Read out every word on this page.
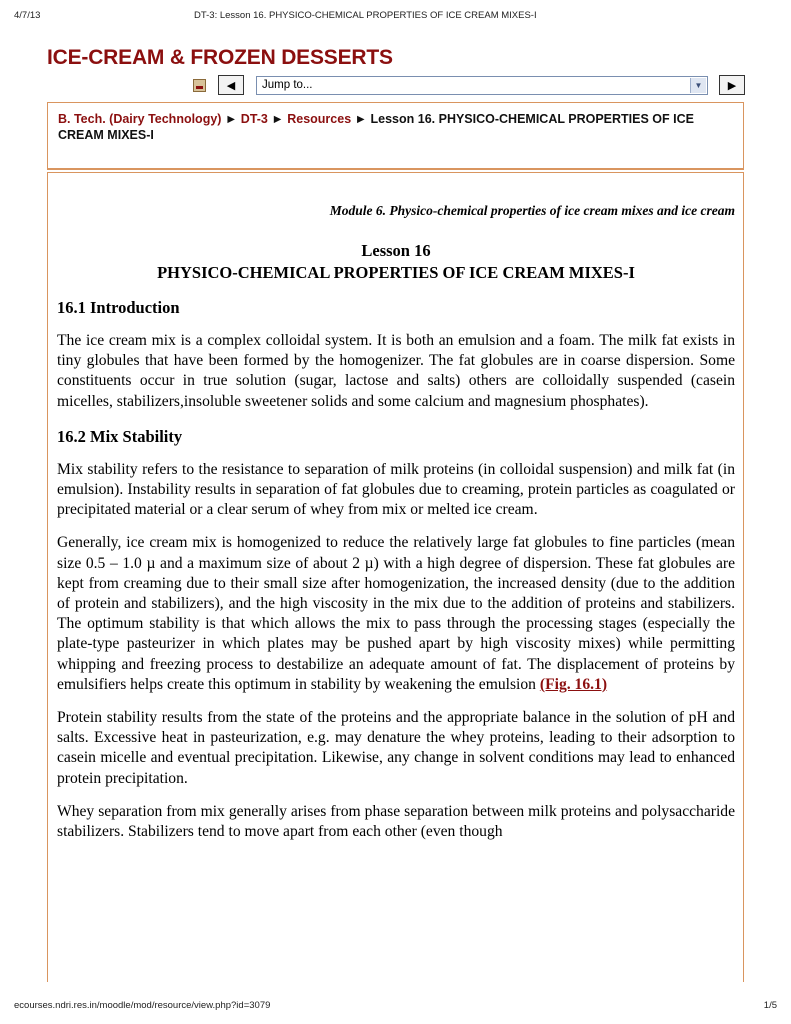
4/7/13	DT-3: Lesson 16. PHYSICO-CHEMICAL PROPERTIES OF ICE CREAM MIXES-I
ICE-CREAM & FROZEN DESSERTS
◀	Jump to...	▼	▶
B. Tech. (Dairy Technology) ► DT-3 ► Resources ► Lesson 16. PHYSICO-CHEMICAL PROPERTIES OF ICE CREAM MIXES-I
Module 6. Physico-chemical properties of ice cream mixes and ice cream
Lesson 16
PHYSICO-CHEMICAL PROPERTIES OF ICE CREAM MIXES-I
16.1 Introduction

The ice cream mix is a complex colloidal system. It is both an emulsion and a foam. The milk fat exists in tiny globules that have been formed by the homogenizer. The fat globules are in coarse dispersion. Some constituents occur in true solution (sugar, lactose and salts) others are colloidally suspended (casein micelles, stabilizers,insoluble sweetener solids and some calcium and magnesium phosphates).

16.2 Mix Stability

Mix stability refers to the resistance to separation of milk proteins (in colloidal suspension) and milk fat (in emulsion). Instability results in separation of fat globules due to creaming, protein particles as coagulated or precipitated material or a clear serum of whey from mix or melted ice cream.

Generally, ice cream mix is homogenized to reduce the relatively large fat globules to fine particles (mean size 0.5 – 1.0 µ and a maximum size of about 2 µ) with a high degree of dispersion. These fat globules are kept from creaming due to their small size after homogenization, the increased density (due to the addition of protein and stabilizers), and the high viscosity in the mix due to the addition of proteins and stabilizers. The optimum stability is that which allows the mix to pass through the processing stages (especially the plate-type pasteurizer in which plates may be pushed apart by high viscosity mixes) while permitting whipping and freezing process to destabilize an adequate amount of fat. The displacement of proteins by emulsifiers helps create this optimum in stability by weakening the emulsion (Fig. 16.1)

Protein stability results from the state of the proteins and the appropriate balance in the solution of pH and salts. Excessive heat in pasteurization, e.g. may denature the whey proteins, leading to their adsorption to casein micelle and eventual precipitation. Likewise, any change in solvent conditions may lead to enhanced protein precipitation.

Whey separation from mix generally arises from phase separation between milk proteins and polysaccharide stabilizers. Stabilizers tend to move apart from each other (even though

ecourses.ndri.res.in/moodle/mod/resource/view.php?id=3079	1/5
